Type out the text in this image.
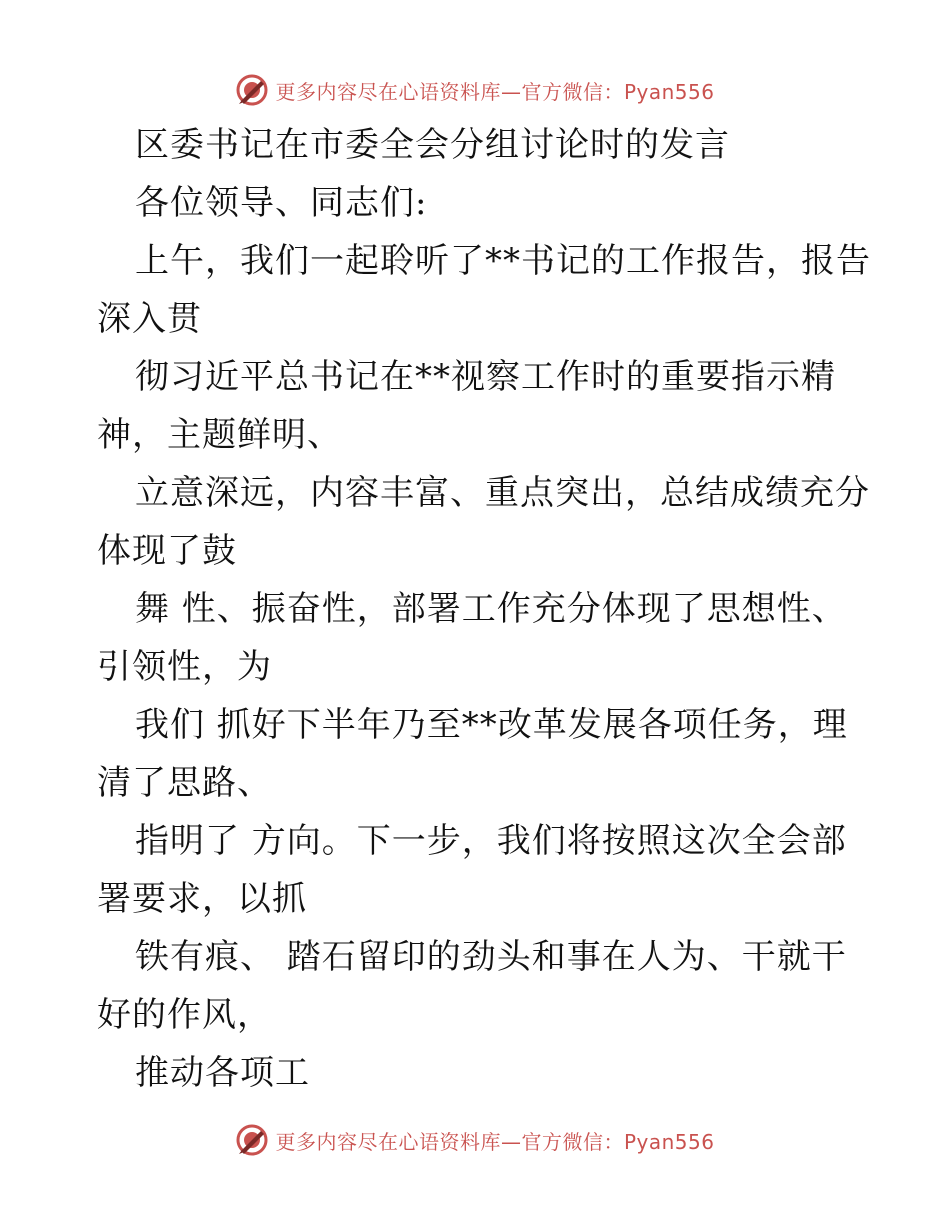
更多内容尽在心语资料库—官方微信：Pyan556
区委书记在市委全会分组讨论时的发言
各位领导、同志们:
上午，我们一起聆听了**书记的工作报告，报告
深入贯
彻习近平总书记在**视察工作时的重要指示精
神，主题鲜明、
立意深远，内容丰富、重点突出，总结成绩充分
体现了鼓
舞 性、振奋性，部署工作充分体现了思想性、
引领性，为
我们 抓好下半年乃至**改革发展各项任务，理
清了思路、
指明了 方向。下一步，我们将按照这次全会部
署要求，以抓
铁有痕、 踏石留印的劲头和事在人为、干就干
好的作风，
推动各项工
更多内容尽在心语资料库—官方微信：Pyan556
